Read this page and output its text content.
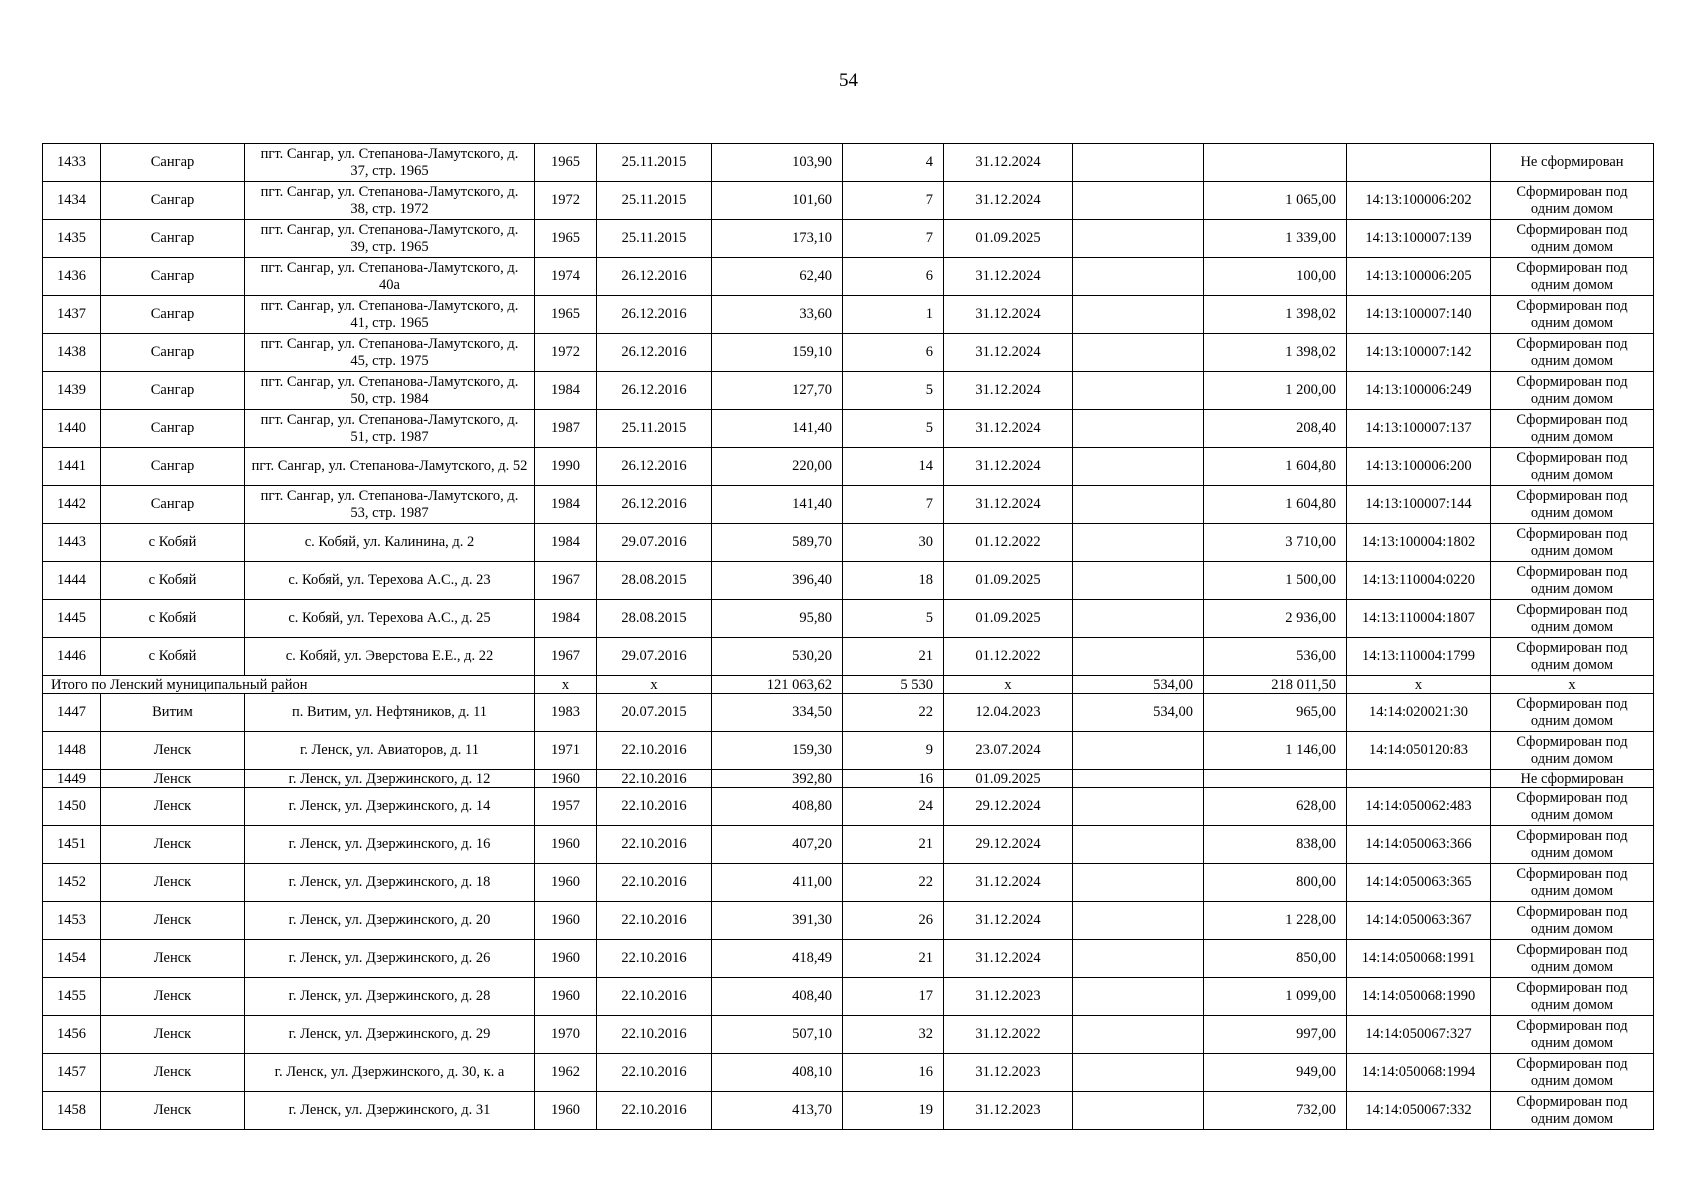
54
1433	Сангар	пгт. Сангар, ул. Степанова-Ламутского, д. 37, стр. 1965	1965	25.11.2015	103,90	4	31.12.2024				Не сформирован
1434	Сангар	пгт. Сангар, ул. Степанова-Ламутского, д. 38, стр. 1972	1972	25.11.2015	101,60	7	31.12.2024		1 065,00	14:13:100006:202	Сформирован под одним домом
1435	Сангар	пгт. Сангар, ул. Степанова-Ламутского, д. 39, стр. 1965	1965	25.11.2015	173,10	7	01.09.2025		1 339,00	14:13:100007:139	Сформирован под одним домом
1436	Сангар	пгт. Сангар, ул. Степанова-Ламутского, д. 40а	1974	26.12.2016	62,40	6	31.12.2024		100,00	14:13:100006:205	Сформирован под одним домом
1437	Сангар	пгт. Сангар, ул. Степанова-Ламутского, д. 41, стр. 1965	1965	26.12.2016	33,60	1	31.12.2024		1 398,02	14:13:100007:140	Сформирован под одним домом
1438	Сангар	пгт. Сангар, ул. Степанова-Ламутского, д. 45, стр. 1975	1972	26.12.2016	159,10	6	31.12.2024		1 398,02	14:13:100007:142	Сформирован под одним домом
1439	Сангар	пгт. Сангар, ул. Степанова-Ламутского, д. 50, стр. 1984	1984	26.12.2016	127,70	5	31.12.2024		1 200,00	14:13:100006:249	Сформирован под одним домом
1440	Сангар	пгт. Сангар, ул. Степанова-Ламутского, д. 51, стр. 1987	1987	25.11.2015	141,40	5	31.12.2024		208,40	14:13:100007:137	Сформирован под одним домом
1441	Сангар	пгт. Сангар, ул. Степанова-Ламутского, д. 52	1990	26.12.2016	220,00	14	31.12.2024		1 604,80	14:13:100006:200	Сформирован под одним домом
1442	Сангар	пгт. Сангар, ул. Степанова-Ламутского, д. 53, стр. 1987	1984	26.12.2016	141,40	7	31.12.2024		1 604,80	14:13:100007:144	Сформирован под одним домом
1443	с Кобяй	с. Кобяй, ул. Калинина, д. 2	1984	29.07.2016	589,70	30	01.12.2022		3 710,00	14:13:100004:1802	Сформирован под одним домом
1444	с Кобяй	с. Кобяй, ул. Терехова А.С., д. 23	1967	28.08.2015	396,40	18	01.09.2025		1 500,00	14:13:110004:0220	Сформирован под одним домом
1445	с Кобяй	с. Кобяй, ул. Терехова А.С., д. 25	1984	28.08.2015	95,80	5	01.09.2025		2 936,00	14:13:110004:1807	Сформирован под одним домом
1446	с Кобяй	с. Кобяй, ул. Эверстова Е.Е., д. 22	1967	29.07.2016	530,20	21	01.12.2022		536,00	14:13:110004:1799	Сформирован под одним домом
Итого по Ленский муниципальный район			х	х	121 063,62	5 530	х	534,00	218 011,50	х	х
1447	Витим	п. Витим, ул. Нефтяников, д. 11	1983	20.07.2015	334,50	22	12.04.2023	534,00	965,00	14:14:020021:30	Сформирован под одним домом
1448	Ленск	г. Ленск, ул. Авиаторов, д. 11	1971	22.10.2016	159,30	9	23.07.2024		1 146,00	14:14:050120:83	Сформирован под одним домом
1449	Ленск	г. Ленск, ул. Дзержинского, д. 12	1960	22.10.2016	392,80	16	01.09.2025				Не сформирован
1450	Ленск	г. Ленск, ул. Дзержинского, д. 14	1957	22.10.2016	408,80	24	29.12.2024		628,00	14:14:050062:483	Сформирован под одним домом
1451	Ленск	г. Ленск, ул. Дзержинского, д. 16	1960	22.10.2016	407,20	21	29.12.2024		838,00	14:14:050063:366	Сформирован под одним домом
1452	Ленск	г. Ленск, ул. Дзержинского, д. 18	1960	22.10.2016	411,00	22	31.12.2024		800,00	14:14:050063:365	Сформирован под одним домом
1453	Ленск	г. Ленск, ул. Дзержинского, д. 20	1960	22.10.2016	391,30	26	31.12.2024		1 228,00	14:14:050063:367	Сформирован под одним домом
1454	Ленск	г. Ленск, ул. Дзержинского, д. 26	1960	22.10.2016	418,49	21	31.12.2024		850,00	14:14:050068:1991	Сформирован под одним домом
1455	Ленск	г. Ленск, ул. Дзержинского, д. 28	1960	22.10.2016	408,40	17	31.12.2023		1 099,00	14:14:050068:1990	Сформирован под одним домом
1456	Ленск	г. Ленск, ул. Дзержинского, д. 29	1970	22.10.2016	507,10	32	31.12.2022		997,00	14:14:050067:327	Сформирован под одним домом
1457	Ленск	г. Ленск, ул. Дзержинского, д. 30, к. а	1962	22.10.2016	408,10	16	31.12.2023		949,00	14:14:050068:1994	Сформирован под одним домом
1458	Ленск	г. Ленск, ул. Дзержинского, д. 31	1960	22.10.2016	413,70	19	31.12.2023		732,00	14:14:050067:332	Сформирован под одним домом
